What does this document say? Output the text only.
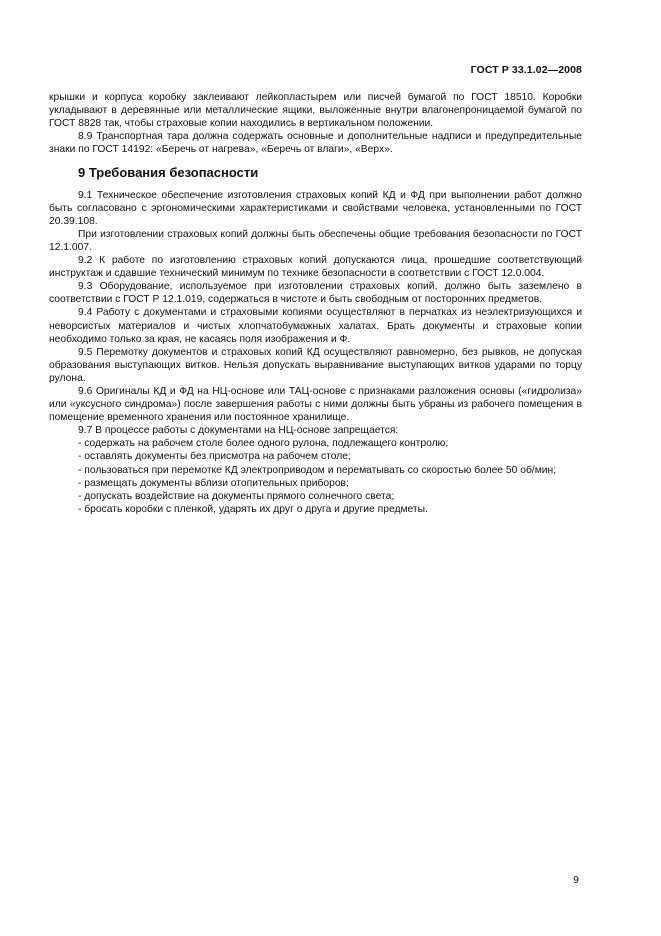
ГОСТ Р 33.1.02—2008

крышки и корпуса коробку заклеивают лейкопластырем или писчей бумагой по ГОСТ 18510. Коробки укладывают в деревянные или металлические ящики, выложенные внутри влагонепроницаемой бумагой по ГОСТ 8828 так, чтобы страховые копии находились в вертикальном положении.

8.9 Транспортная тара должна содержать основные и дополнительные надписи и предупредительные знаки по ГОСТ 14192: «Беречь от нагрева», «Беречь от влаги», «Верх».

9 Требования безопасности

9.1 Техническое обеспечение изготовления страховых копий КД и ФД при выполнении работ должно быть согласовано с эргономическими характеристиками и свойствами человека, установленными по ГОСТ 20.39.108.

При изготовлении страховых копий должны быть обеспечены общие требования безопасности по ГОСТ 12.1.007.

9.2 К работе по изготовлению страховых копий допускаются лица, прошедшие соответствующий инструктаж и сдавшие технический минимум по технике безопасности в соответствии с ГОСТ 12.0.004.

9.3 Оборудование, используемое при изготовлении страховых копий, должно быть заземлено в соответствии с ГОСТ Р 12.1.019, содержаться в чистоте и быть свободным от посторонних предметов.

9.4 Работу с документами и страховыми копиями осуществляют в перчатках из неэлектризующихся и неворсистых материалов и чистых хлопчатобумажных халатах. Брать документы и страховые копии необходимо только за края, не касаясь поля изображения и Ф.

9.5 Перемотку документов и страховых копий КД осуществляют равномерно, без рывков, не допуская образования выступающих витков. Нельзя допускать выравнивание выступающих витков ударами по торцу рулона.

9.6 Оригиналы КД и ФД на НЦ-основе или ТАЦ-основе с признаками разложения основы («гидролиза» или «уксусного синдрома») после завершения работы с ними должны быть убраны из рабочего помещения в помещение временного хранения или постоянное хранилище.

9.7 В процессе работы с документами на НЦ-основе запрещается:

- содержать на рабочем столе более одного рулона, подлежащего контролю;

- оставлять документы без присмотра на рабочем столе;

- пользоваться при перемотке КД электроприводом и перематывать со скоростью более 50 об/мин;

- размещать документы вблизи отопительных приборов;

- допускать воздействие на документы прямого солнечного света;

- бросать коробки с пленкой, ударять их друг о друга и другие предметы.

9
